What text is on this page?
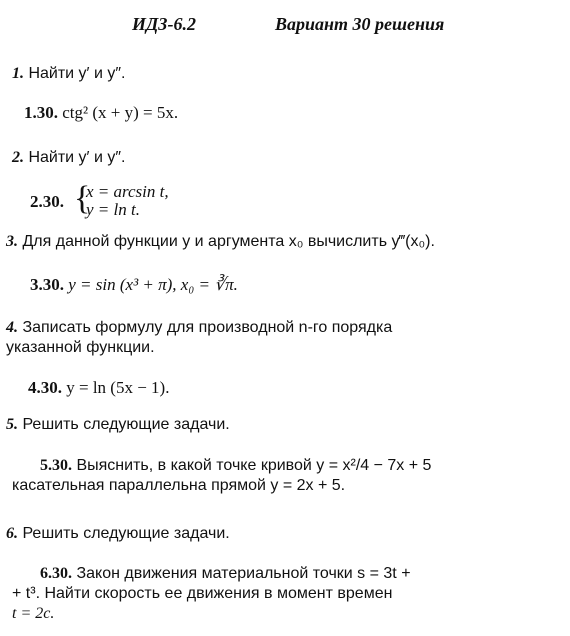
ИДЗ-6.2	Вариант 30 решения
1. Найти y′ и y″.
1.30. ctg² (x + y) = 5x.
2. Найти y′ и y″.
2.30. {
x = arcsin t,
y = ln t.
3. Для данной функции y и аргумента x₀ вычислить y‴(x₀).
3.30. y = sin (x³ + π), x₀ = ∛π.
4. Записать формулу для производной n-го порядка
указанной функции.
4.30. y = ln (5x − 1).
5. Решить следующие задачи.
5.30. Выяснить, в какой точке кривой y = x²/4 − 7x + 5
касательная параллельна прямой y = 2x + 5.
6. Решить следующие задачи.
6.30. Закон движения материальной точки s = 3t +
+ t³. Найти скорость ее движения в момент времен
t = 2c.
